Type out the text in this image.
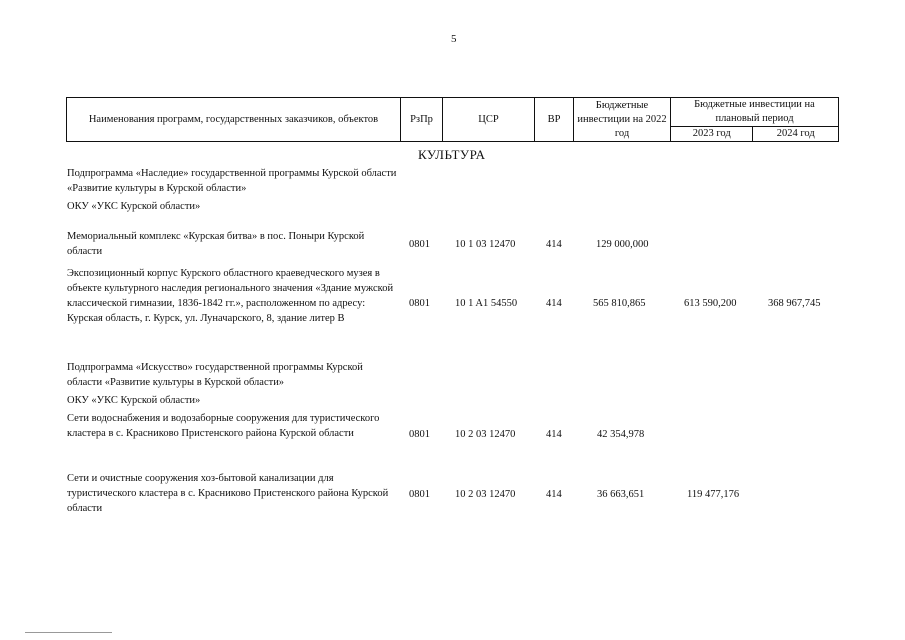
5
Наименования программ, государственных заказчиков, объектов	РзПр	ЦСР	ВР	Бюджетные инвестиции на 2022 год	Бюджетные инвестиции на плановый период	
					2023 год	2024 год
КУЛЬТУРА
Подпрограмма «Наследие» государственной программы Курской области «Развитие культуры в Курской области»
ОКУ «УКС Курской области»
Мемориальный комплекс «Курская битва» в пос. Поныри Курской области
0801 10 1 03 12470	414	129 000,000
Экспозиционный корпус Курского областного краеведческого музея в объекте культурного наследия регионального значения «Здание мужской классической гимназии, 1836-1842 гг.», расположенном по адресу: Курская область, г. Курск, ул. Луначарского, 8, здание литер В
0801 10 1 A1 54550	414	565 810,865	613 590,200	368 967,745
Подпрограмма «Искусство» государственной программы Курской области «Развитие культуры в Курской области»
ОКУ «УКС Курской области»
Сети водоснабжения и водозаборные сооружения для туристического кластера в с. Красниково Пристенского района Курской области	0801 10 2 03 12470	414	42 354,978
Сети и очистные сооружения хоз-бытовой канализации для туристического кластера в с. Красниково Пристенского района Курской области
0801 10 2 03 12470	414	36 663,651	119 477,176
